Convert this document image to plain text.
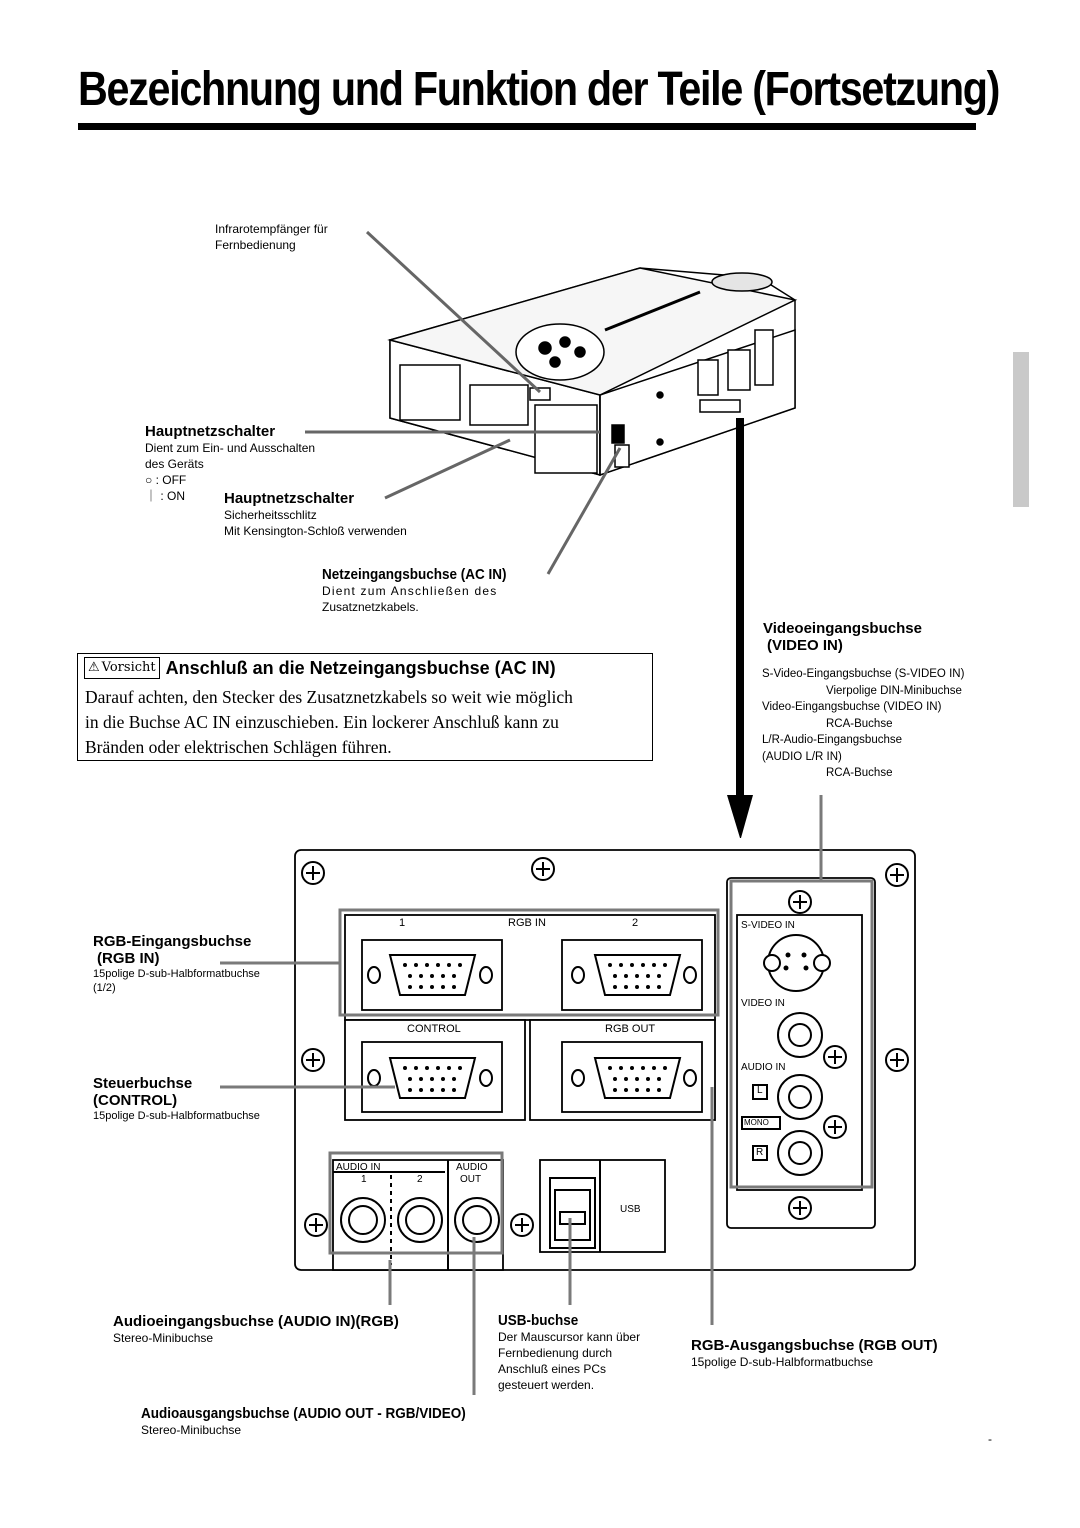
Bezeichnung und Funktion der Teile (Fortsetzung)
1	RGB IN	2
CONTROL	RGB OUT
S-VIDEO IN
VIDEO IN
AUDIO IN
L
MONO
R
AUDIO IN
1	2
AUDIO
OUT
USB
Infrarotempfänger für
Fernbedienung
Hauptnetzschalter
Dient zum Ein- und Ausschalten
des Geräts
○ : OFF
｜ : ON	Hauptnetzschalter
Sicherheitsschlitz
Mit Kensington-Schloß verwenden
Netzeingangsbuchse (AC IN)
Dient zum Anschließen des
Zusatznetzkabels.
⚠ Vorsicht Anschluß an die Netzeingangsbuchse (AC IN)
Darauf achten, den Stecker des Zusatznetzkabels so weit wie möglich
in die Buchse AC IN einzuschieben. Ein lockerer Anschluß kann zu
Bränden oder elektrischen Schlägen führen.
Videoeingangsbuchse
(VIDEO IN)
S-Video-Eingangsbuchse (S-VIDEO IN)
Vierpolige DIN-Minibuchse
Video-Eingangsbuchse (VIDEO IN)
RCA-Buchse
L/R-Audio-Eingangsbuchse
(AUDIO L/R IN)
RCA-Buchse
RGB-Eingangsbuchse
(RGB IN)
15polige D-sub-Halbformatbuchse
(1/2)
Steuerbuchse
(CONTROL)
15polige D-sub-Halbformatbuchse
Audioeingangsbuchse (AUDIO IN)(RGB)
Stereo-Minibuchse
USB-buchse
Der Mauscursor kann über
Fernbedienung durch
Anschluß eines PCs
gesteuert werden.
RGB-Ausgangsbuchse (RGB OUT)
15polige D-sub-Halbformatbuchse
Audioausgangsbuchse (AUDIO OUT - RGB/VIDEO)
Stereo-Minibuchse
-
